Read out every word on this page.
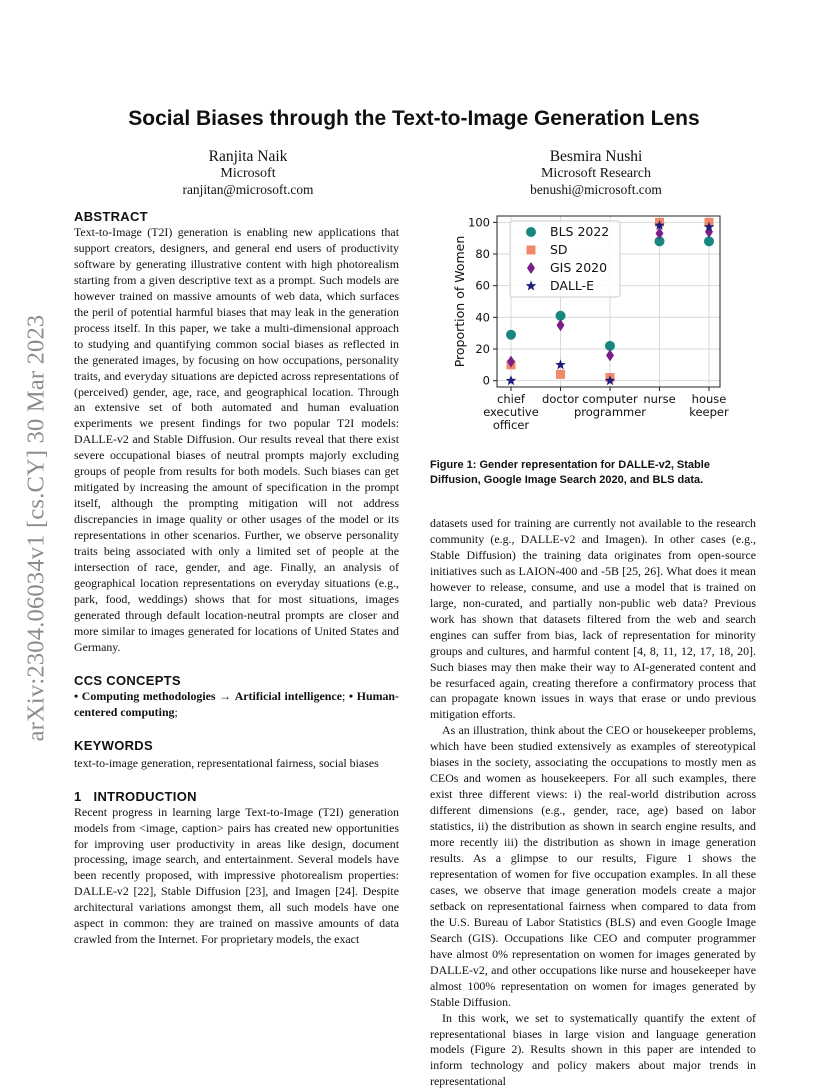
arXiv:2304.06034v1 [cs.CY] 30 Mar 2023
Social Biases through the Text-to-Image Generation Lens
Ranjita Naik
Microsoft
ranjitan@microsoft.com
Besmira Nushi
Microsoft Research
benushi@microsoft.com
ABSTRACT

Text-to-Image (T2I) generation is enabling new applications that support creators, designers, and general end users of productivity software by generating illustrative content with high photorealism starting from a given descriptive text as a prompt. Such models are however trained on massive amounts of web data, which surfaces the peril of potential harmful biases that may leak in the generation process itself. In this paper, we take a multi-dimensional approach to studying and quantifying common social biases as reflected in the generated images, by focusing on how occupations, personality traits, and everyday situations are depicted across representations of (perceived) gender, age, race, and geographical location. Through an extensive set of both automated and human evaluation experiments we present findings for two popular T2I models: DALLE-v2 and Stable Diffusion. Our results reveal that there exist severe occupational biases of neutral prompts majorly excluding groups of people from results for both models. Such biases can get mitigated by increasing the amount of specification in the prompt itself, although the prompting mitigation will not address discrepancies in image quality or other usages of the model or its representations in other scenarios. Further, we observe personality traits being associated with only a limited set of people at the intersection of race, gender, and age. Finally, an analysis of geographical location representations on everyday situations (e.g., park, food, weddings) shows that for most situations, images generated through default location-neutral prompts are closer and more similar to images generated for locations of United States and Germany.

CCS CONCEPTS

• Computing methodologies → Artificial intelligence; • Human-centered computing;

KEYWORDS

text-to-image generation, representational fairness, social biases

1 INTRODUCTION

Recent progress in learning large Text-to-Image (T2I) generation models from <image, caption> pairs has created new opportunities for improving user productivity in areas like design, document processing, image search, and entertainment. Several models have been recently proposed, with impressive photorealism properties: DALLE-v2 [22], Stable Diffusion [23], and Imagen [24]. Despite architectural variations amongst them, all such models have one aspect in common: they are trained on massive amounts of data crawled from the Internet. For proprietary models, the exact

0
20
40
60
80
100
chief executive officer
doctor computer programmer
nurse house keeper
Proportion of Women
BLS 2022
SD
GIS 2020
DALL-E

Figure 1: Gender representation for DALLE-v2, Stable Diffusion, Google Image Search 2020, and BLS data.

datasets used for training are currently not available to the research community (e.g., DALLE-v2 and Imagen). In other cases (e.g., Stable Diffusion) the training data originates from open-source initiatives such as LAION-400 and -5B [25, 26]. What does it mean however to release, consume, and use a model that is trained on large, non-curated, and partially non-public web data? Previous work has shown that datasets filtered from the web and search engines can suffer from bias, lack of representation for minority groups and cultures, and harmful content [4, 8, 11, 12, 17, 18, 20]. Such biases may then make their way to AI-generated content and be resurfaced again, creating therefore a confirmatory process that can propagate known issues in ways that erase or undo previous mitigation efforts.

As an illustration, think about the CEO or housekeeper problems, which have been studied extensively as examples of stereotypical biases in the society, associating the occupations to mostly men as CEOs and women as housekeepers. For all such examples, there exist three different views: i) the real-world distribution across different dimensions (e.g., gender, race, age) based on labor statistics, ii) the distribution as shown in search engine results, and more recently iii) the distribution as shown in image generation results. As a glimpse to our results, Figure 1 shows the representation of women for five occupation examples. In all these cases, we observe that image generation models create a major setback on representational fairness when compared to data from the U.S. Bureau of Labor Statistics (BLS) and even Google Image Search (GIS). Occupations like CEO and computer programmer have almost 0% representation on women for images generated by DALLE-v2, and other occupations like nurse and housekeeper have almost 100% representation on women for images generated by Stable Diffusion.

In this work, we set to systematically quantify the extent of representational biases in large vision and language generation models (Figure 2). Results shown in this paper are intended to inform technology and policy makers about major trends in representational
